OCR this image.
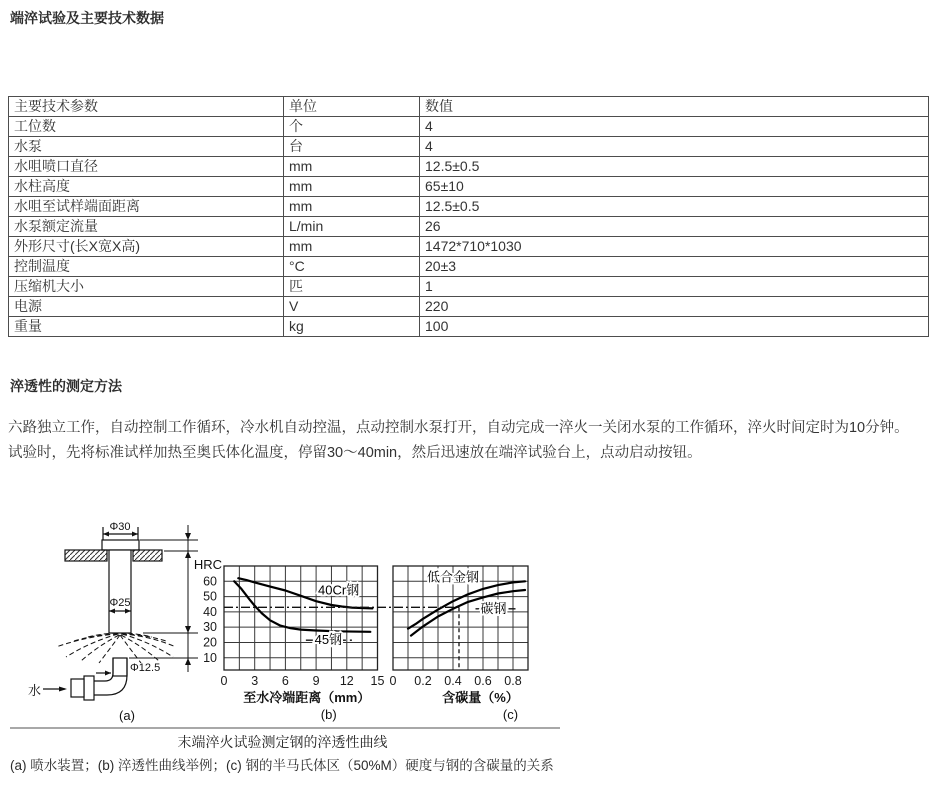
端淬试验及主要技术数据
主要技术参数	单位	数值
工位数	个	4
水泵	台	4
水咀喷口直径	mm	12.5±0.5
水柱高度	mm	65±10
水咀至试样端面距离	mm	12.5±0.5
水泵额定流量	L/min	26
外形尺寸(长X宽X高)	mm	1472*710*1030
控制温度	°C	20±3
压缩机大小	匹	1
电源	V	220
重量	kg	100
淬透性的测定方法

六路独立工作，自动控制工作循环，冷水机自动控温，点动控制水泵打开，自动完成一淬火一关闭水泵的工作循环，淬火时间定时为10分钟。

试验时，先将标准试样加热至奥氏体化温度，停留30～40min，然后迅速放在端淬试验台上，点动启动按钮。

Φ30
Φ25
Φ12.5
水
(a)
0 3 6 9 12 15
10
20
30
40
50
60
HRC
至水冷端距离（mm）
40Cr钢
45钢
(b)
0 0.2 0.4 0.6 0.8
含碳量（%）
低合金钢
碳钢
(c)
末端淬火试验测定钢的淬透性曲线

(a) 喷水装置；(b) 淬透性曲线举例；(c) 钢的半马氏体区（50%M）硬度与钢的含碳量的关系
